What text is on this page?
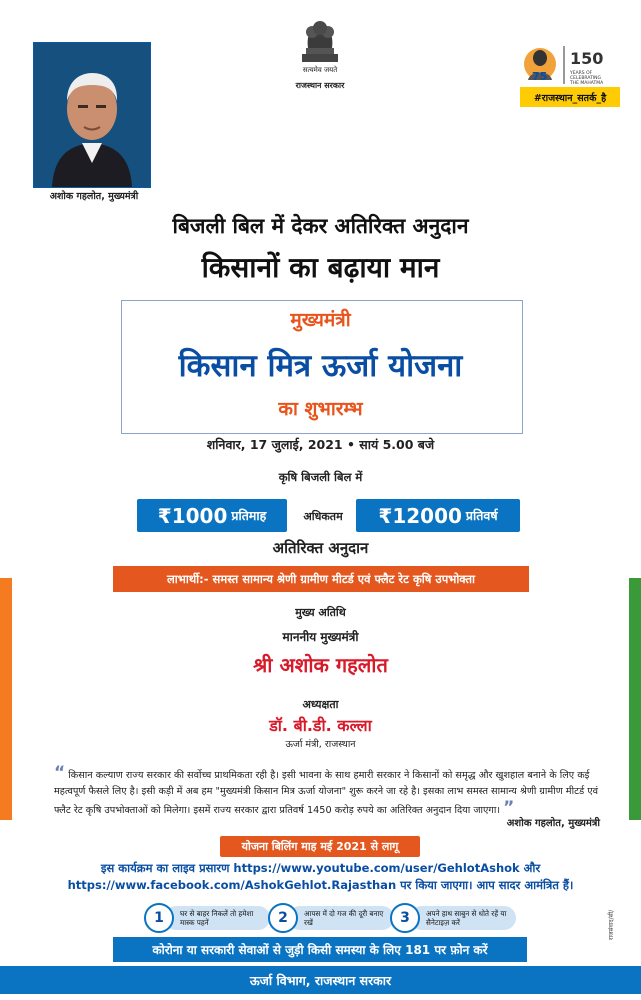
अशोक गहलोत, मुख्यमंत्री
सत्यमेव जयते
राजस्थान सरकार
75
150
YEARS OF
CELEBRATING
THE MAHATMA
#राजस्थान_सतर्क_है
बिजली बिल में देकर अतिरिक्त अनुदान
किसानों का बढ़ाया मान
मुख्यमंत्री
किसान मित्र ऊर्जा योजना
का शुभारम्भ
शनिवार, 17 जुलाई, 2021 • सायं 5.00 बजे
कृषि बिजली बिल में
₹1000 प्रतिमाह	अधिकतम	₹12000 प्रतिवर्ष
अतिरिक्त अनुदान
लाभार्थी:- समस्त सामान्य श्रेणी ग्रामीण मीटर्ड एवं फ्लैट रेट कृषि उपभोक्ता
मुख्य अतिथि
माननीय मुख्यमंत्री
श्री अशोक गहलोत
अध्यक्षता
डॉ. बी.डी. कल्ला
ऊर्जा मंत्री, राजस्थान
“ किसान कल्याण राज्य सरकार की सर्वोच्च प्राथमिकता रही है। इसी भावना के साथ हमारी सरकार ने किसानों को समृद्ध और खुशहाल बनाने के लिए कई महत्वपूर्ण फैसले लिए है। इसी कड़ी में अब हम "मुख्यमंत्री किसान मित्र ऊर्जा योजना" शुरू करने जा रहे है। इसका लाभ समस्त सामान्य श्रेणी ग्रामीण मीटर्ड एवं फ्लैट रेट कृषि उपभोक्ताओं को मिलेगा। इसमें राज्य सरकार द्वारा प्रतिवर्ष 1450 करोड़ रुपये का अतिरिक्त अनुदान दिया जाएगा। ”
अशोक गहलोत, मुख्यमंत्री
योजना बिलिंग माह मई 2021 से लागू
इस कार्यक्रम का लाइव प्रसारण https://www.youtube.com/user/GehlotAshok और
https://www.facebook.com/AshokGehlot.Rajasthan पर किया जाएगा। आप सादर आमंत्रित हैं।
1	घर से बाहर निकलें तो हमेशा मास्क पहनें	2	आपस में दो गज की दूरी बनाए रखें	3	अपने हाथ साबुन से धोते रहें या सैनेटाइज़ करें	राजसंवाद/सी/
कोरोना या सरकारी सेवाओं से जुड़ी किसी समस्या के लिए 181 पर फ़ोन करें
ऊर्जा विभाग, राजस्थान सरकार
